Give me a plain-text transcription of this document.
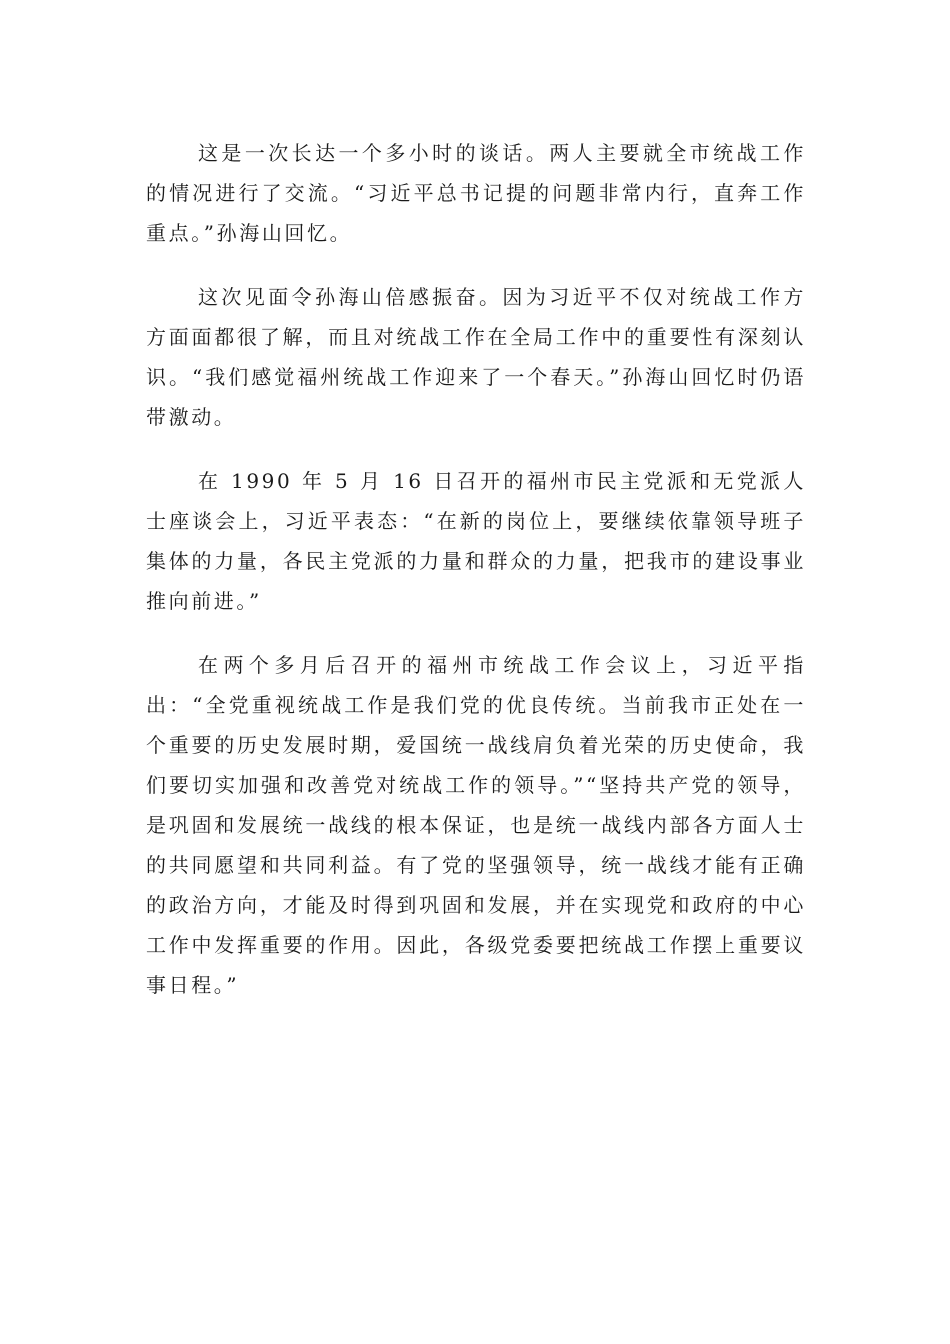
这是一次长达一个多小时的谈话。两人主要就全市统战工作的情况进行了交流。“习近平总书记提的问题非常内行，直奔工作重点。”孙海山回忆。

这次见面令孙海山倍感振奋。因为习近平不仅对统战工作方方面面都很了解，而且对统战工作在全局工作中的重要性有深刻认识。“我们感觉福州统战工作迎来了一个春天。”孙海山回忆时仍语带激动。

在 1990 年 5 月 16 日召开的福州市民主党派和无党派人士座谈会上，习近平表态：“在新的岗位上，要继续依靠领导班子集体的力量，各民主党派的力量和群众的力量，把我市的建设事业推向前进。”

在两个多月后召开的福州市统战工作会议上，习近平指出：“全党重视统战工作是我们党的优良传统。当前我市正处在一个重要的历史发展时期，爱国统一战线肩负着光荣的历史使命，我们要切实加强和改善党对统战工作的领导。”“坚持共产党的领导，是巩固和发展统一战线的根本保证，也是统一战线内部各方面人士的共同愿望和共同利益。有了党的坚强领导，统一战线才能有正确的政治方向，才能及时得到巩固和发展，并在实现党和政府的中心工作中发挥重要的作用。因此，各级党委要把统战工作摆上重要议事日程。”
